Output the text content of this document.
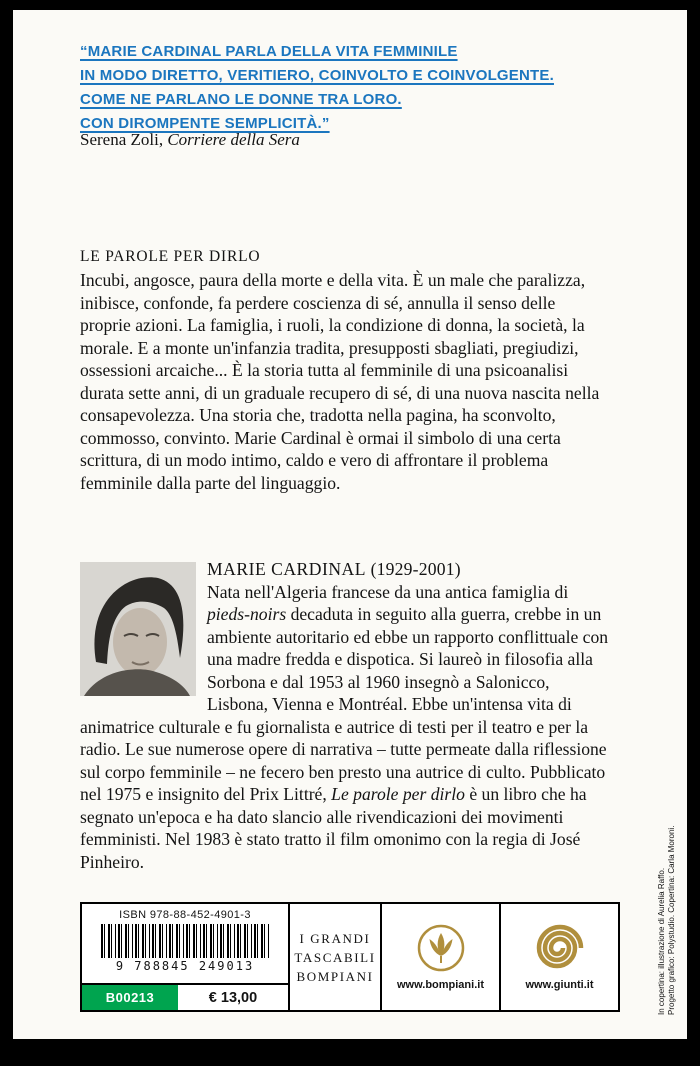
“MARIE CARDINAL PARLA DELLA VITA FEMMINILE
IN MODO DIRETTO, VERITIERO, COINVOLTO E COINVOLGENTE.
COME NE PARLANO LE DONNE TRA LORO.
CON DIROMPENTE SEMPLICITÀ.”
Serena Zoli, Corriere della Sera
LE PAROLE PER DIRLO
Incubi, angosce, paura della morte e della vita. È un male che paralizza, inibisce, confonde, fa perdere coscienza di sé, annulla il senso delle proprie azioni. La famiglia, i ruoli, la condizione di donna, la società, la morale. E a monte un'infanzia tradita, presupposti sbagliati, pregiudizi, ossessioni arcaiche... È la storia tutta al femminile di una psicoanalisi durata sette anni, di un graduale recupero di sé, di una nuova nascita nella consapevolezza. Una storia che, tradotta nella pagina, ha sconvolto, commosso, convinto. Marie Cardinal è ormai il simbolo di una certa scrittura, di un modo intimo, caldo e vero di affrontare il problema femminile dalla parte del linguaggio.
MARIE CARDINAL (1929-2001)
Nata nell'Algeria francese da una antica famiglia di pieds-noirs decaduta in seguito alla guerra, crebbe in un ambiente autoritario ed ebbe un rapporto conflittuale con una madre fredda e dispotica. Si laureò in filosofia alla Sorbona e dal 1953 al 1960 insegnò a Salonicco, Lisbona, Vienna e Montréal. Ebbe un'intensa vita di animatrice culturale e fu giornalista e autrice di testi per il teatro e per la radio. Le sue numerose opere di narrativa – tutte permeate dalla riflessione sul corpo femminile – ne fecero ben presto una autrice di culto. Pubblicato nel 1975 e insignito del Prix Littré, Le parole per dirlo è un libro che ha segnato un'epoca e ha dato slancio alle rivendicazioni dei movimenti femministi. Nel 1983 è stato tratto il film omonimo con la regia di José Pinheiro.
ISBN 978-88-452-4901-3
9 788845 249013
B00213	€ 13,00
I GRANDI
TASCABILI
BOMPIANI
www.bompiani.it	www.giunti.it	In copertina: illustrazione di Aurelia Raffo. Progetto grafico: Polystudio. Copertina: Carla Moroni.
